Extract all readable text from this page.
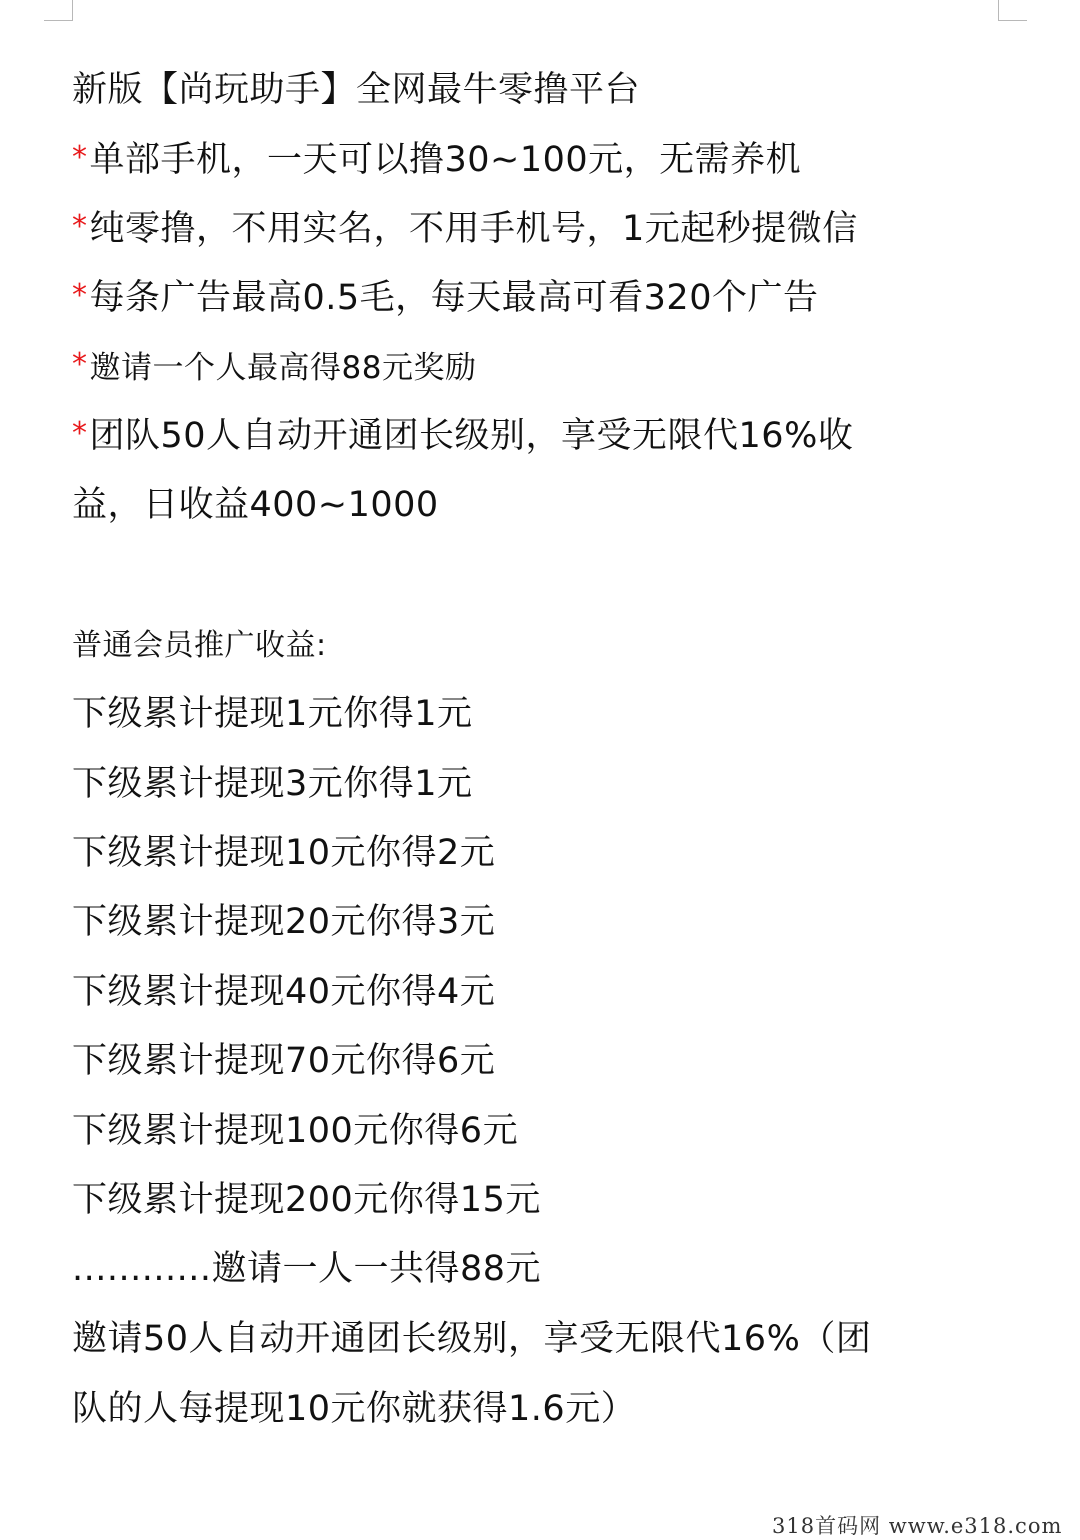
新版【尚玩助手】全网最牛零撸平台
*单部手机，一天可以撸30~100元，无需养机
*纯零撸，不用实名，不用手机号，1元起秒提微信
*每条广告最高0.5毛，每天最高可看320个广告
*邀请一个人最高得88元奖励
*团队50人自动开通团长级别，享受无限代16%收
益，日收益400~1000
普通会员推广收益:
下级累计提现1元你得1元
下级累计提现3元你得1元
下级累计提现10元你得2元
下级累计提现20元你得3元
下级累计提现40元你得4元
下级累计提现70元你得6元
下级累计提现100元你得6元
下级累计提现200元你得15元
............邀请一人一共得88元
邀请50人自动开通团长级别，享受无限代16%（团
队的人每提现10元你就获得1.6元）
318首码网 www.e318.com
